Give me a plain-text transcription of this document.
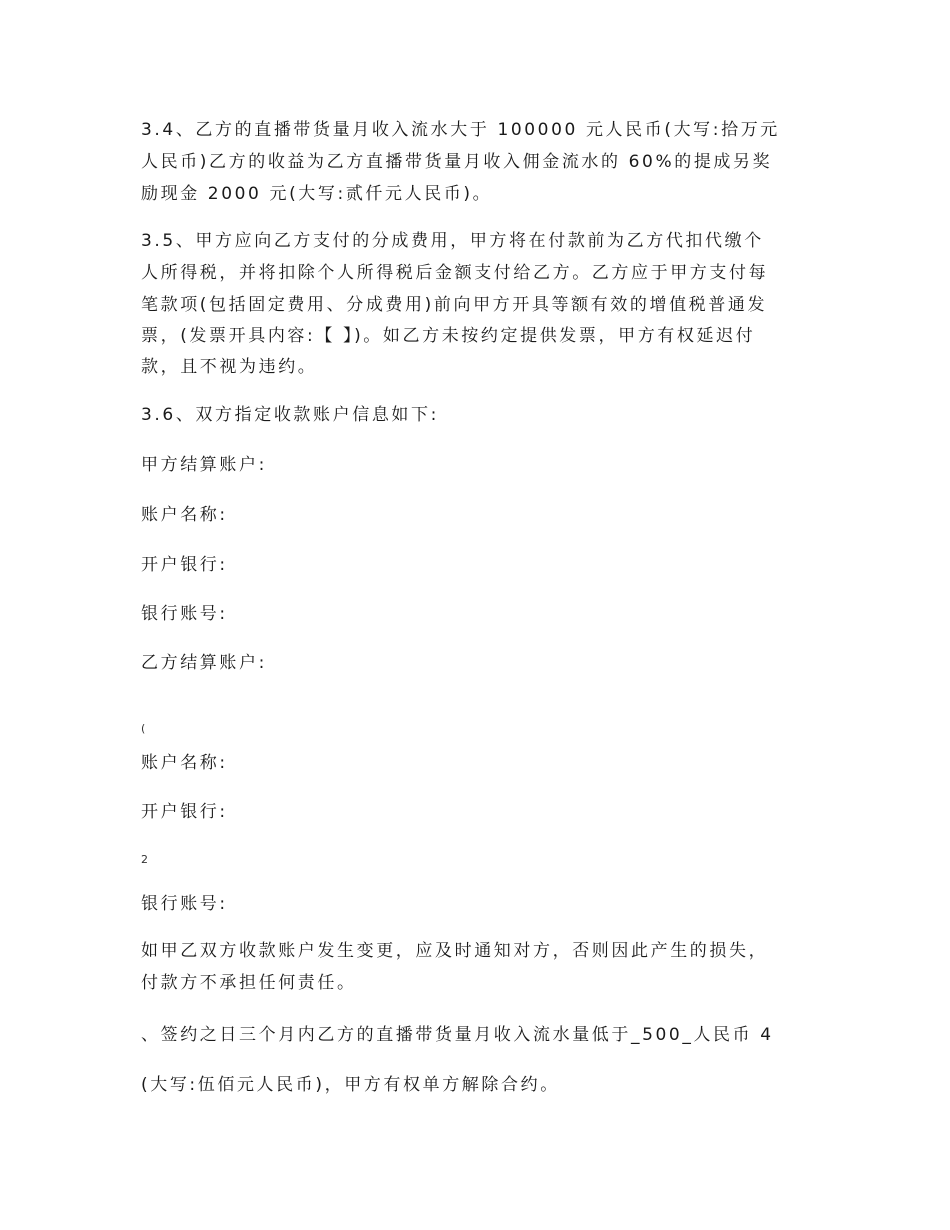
3.4、乙方的直播带货量月收入流水大于 100000 元人民币(大写:拾万元
人民币)乙方的收益为乙方直播带货量月收入佣金流水的 60%的提成另奖
励现金 2000 元(大写:贰仟元人民币)。
3.5、甲方应向乙方支付的分成费用，甲方将在付款前为乙方代扣代缴个
人所得税，并将扣除个人所得税后金额支付给乙方。乙方应于甲方支付每
笔款项(包括固定费用、分成费用)前向甲方开具等额有效的增值税普通发
票，(发票开具内容:【 】)。如乙方未按约定提供发票，甲方有权延迟付
款，且不视为违约。
3.6、双方指定收款账户信息如下:
甲方结算账户:
账户名称:
开户银行:
银行账号:
乙方结算账户:
(
账户名称:
开户银行:
2
银行账号:
如甲乙双方收款账户发生变更，应及时通知对方，否则因此产生的损失，
付款方不承担任何责任。
、签约之日三个月内乙方的直播带货量月收入流水量低于_500_人民币 4
(大写:伍佰元人民币)，甲方有权单方解除合约。
